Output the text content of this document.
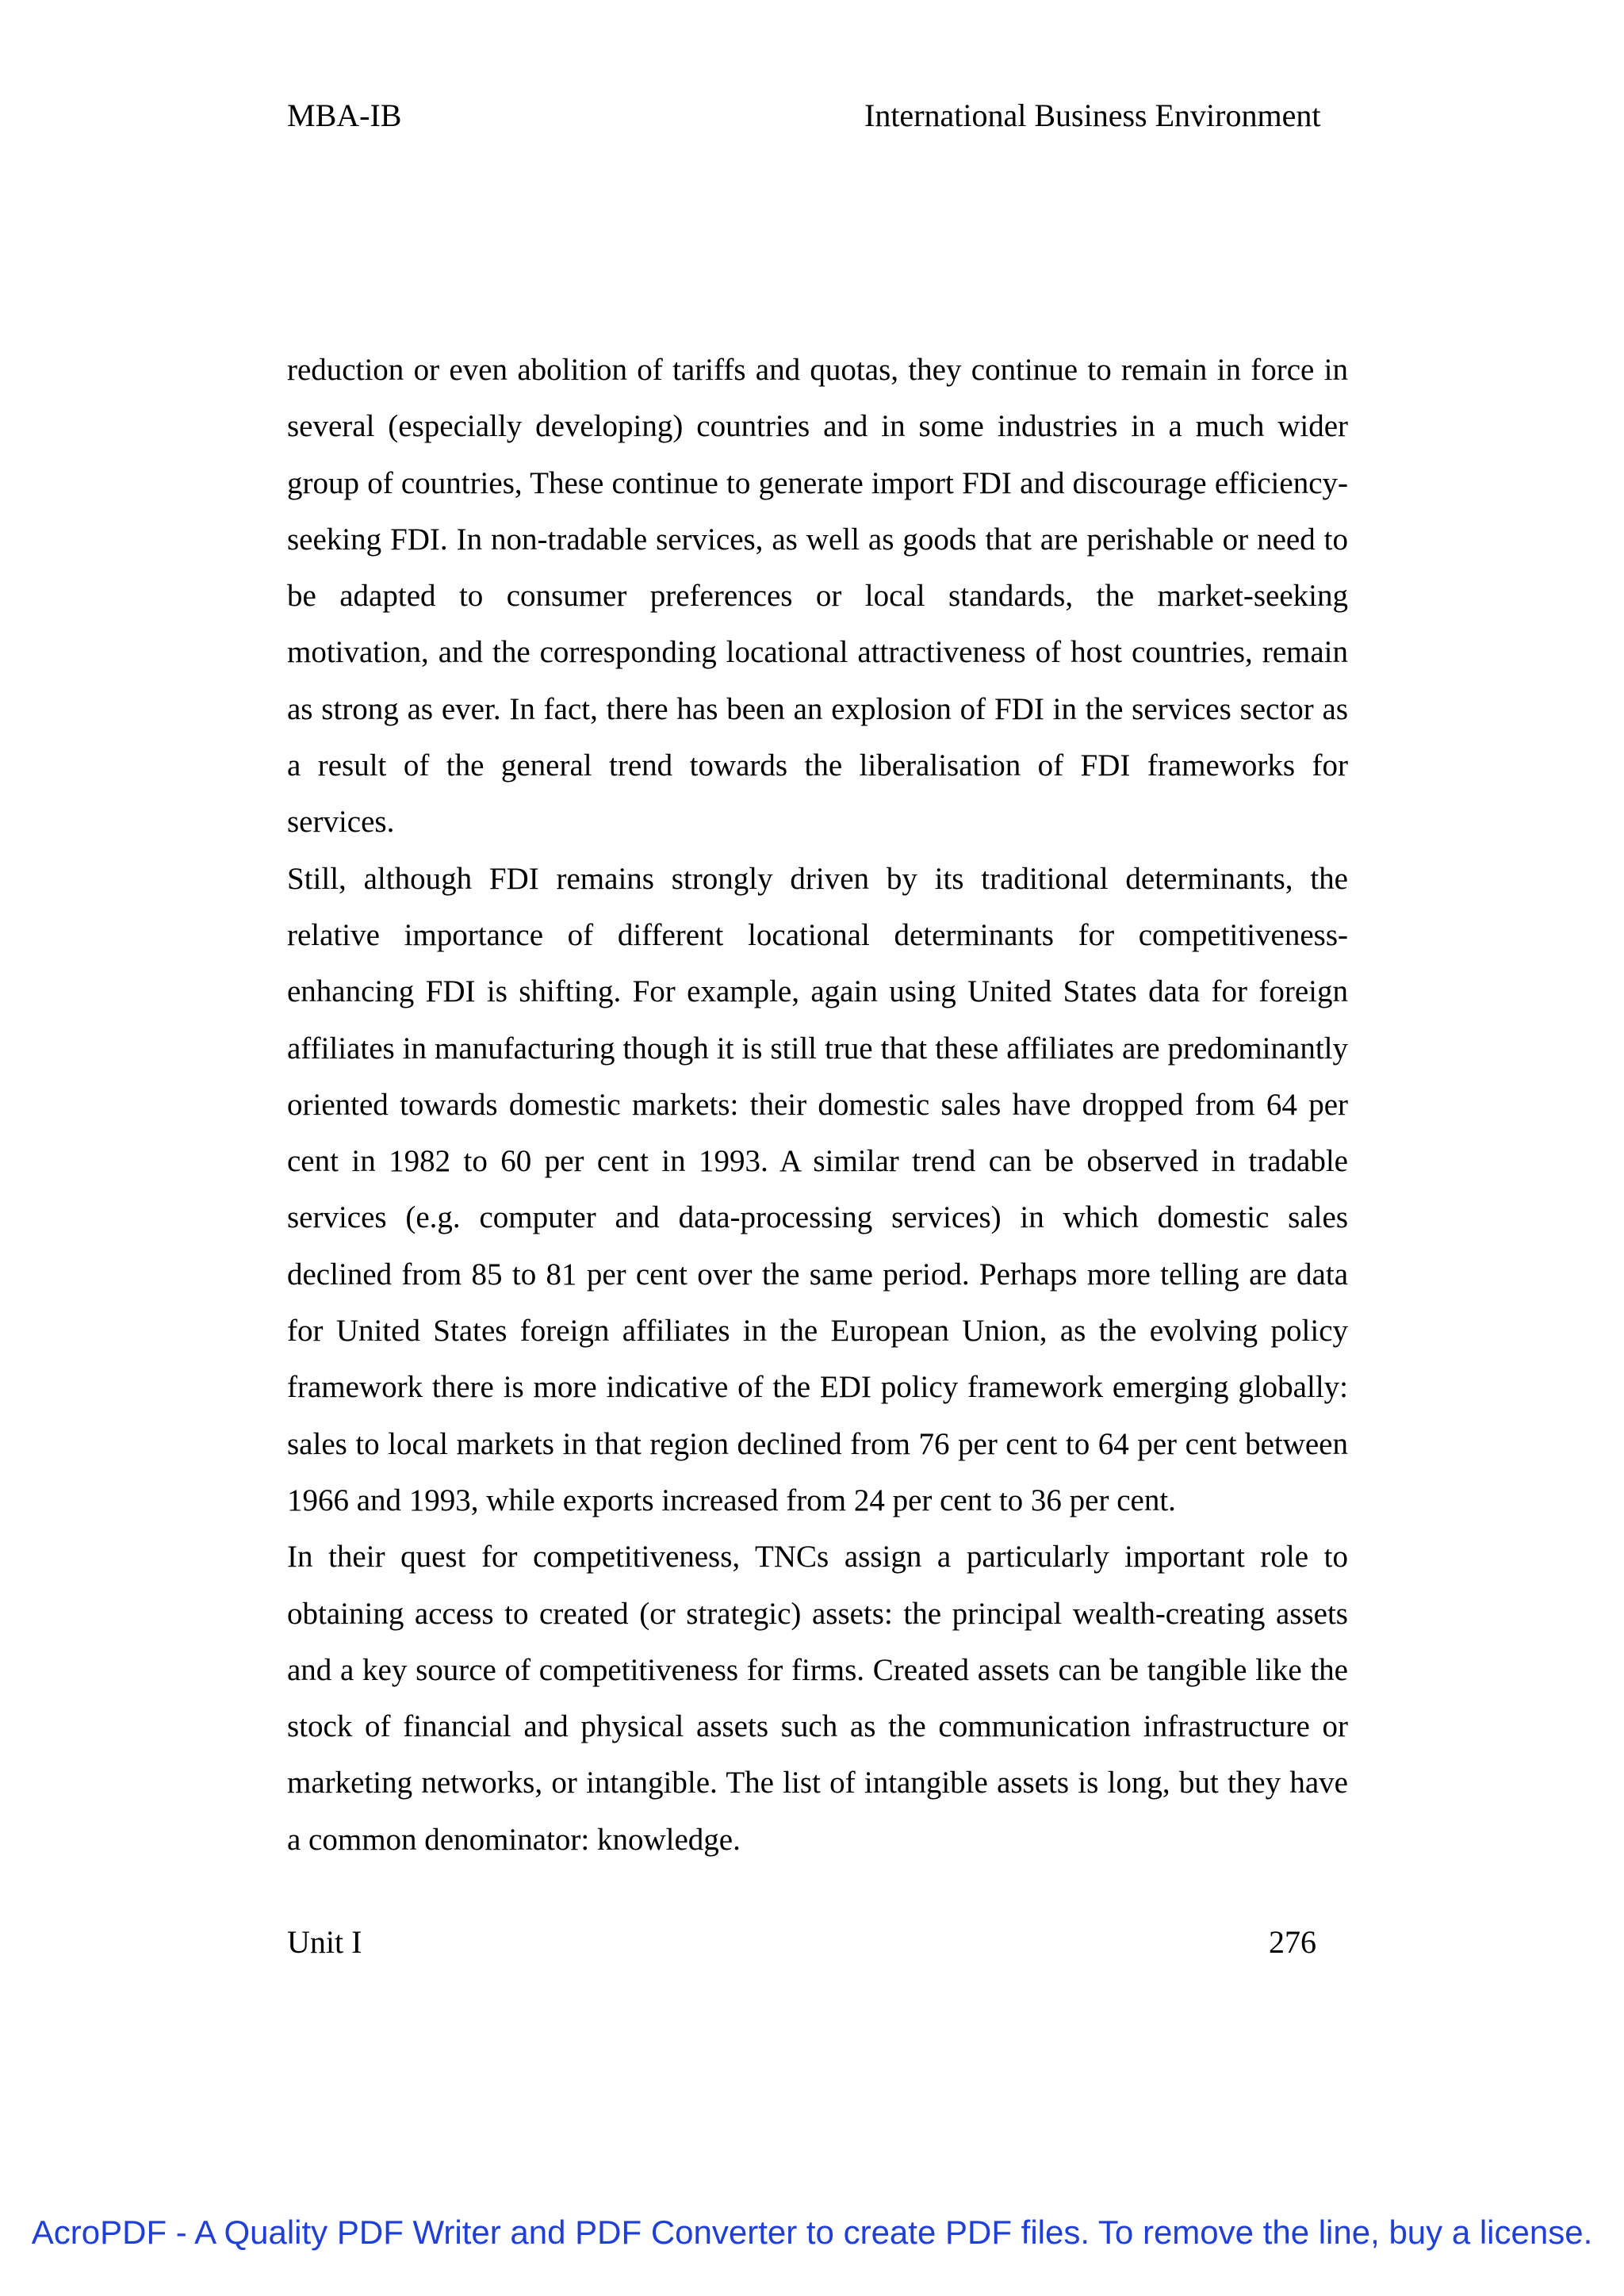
MBA-IB	International Business Environment

reduction or even abolition of tariffs and quotas, they continue to remain in force in several (especially developing) countries and in some industries in a much wider group of countries, These continue to generate import FDI and discourage efficiency-seeking FDI. In non-tradable services, as well as goods that are perishable or need to be adapted to consumer preferences or local standards, the market-seeking motivation, and the corresponding locational attractiveness of host countries, remain as strong as ever. In fact, there has been an explosion of FDI in the services sector as a result of the general trend towards the liberalisation of FDI frameworks for services.

Still, although FDI remains strongly driven by its traditional determinants, the relative importance of different locational determinants for competitiveness-enhancing FDI is shifting. For example, again using United States data for foreign affiliates in manufacturing though it is still true that these affiliates are predominantly oriented towards domestic markets: their domestic sales have dropped from 64 per cent in 1982 to 60 per cent in 1993. A similar trend can be observed in tradable services (e.g. computer and data-processing services) in which domestic sales declined from 85 to 81 per cent over the same period. Perhaps more telling are data for United States foreign affiliates in the European Union, as the evolving policy framework there is more indicative of the EDI policy framework emerging globally: sales to local markets in that region declined from 76 per cent to 64 per cent between 1966 and 1993, while exports increased from 24 per cent to 36 per cent.

In their quest for competitiveness, TNCs assign a particularly important role to obtaining access to created (or strategic) assets: the principal wealth-creating assets and a key source of competitiveness for firms. Created assets can be tangible like the stock of financial and physical assets such as the communication infrastructure or marketing networks, or intangible. The list of intangible assets is long, but they have a common denominator: knowledge.

Unit I	276
AcroPDF - A Quality PDF Writer and PDF Converter to create PDF files. To remove the line, buy a license.
